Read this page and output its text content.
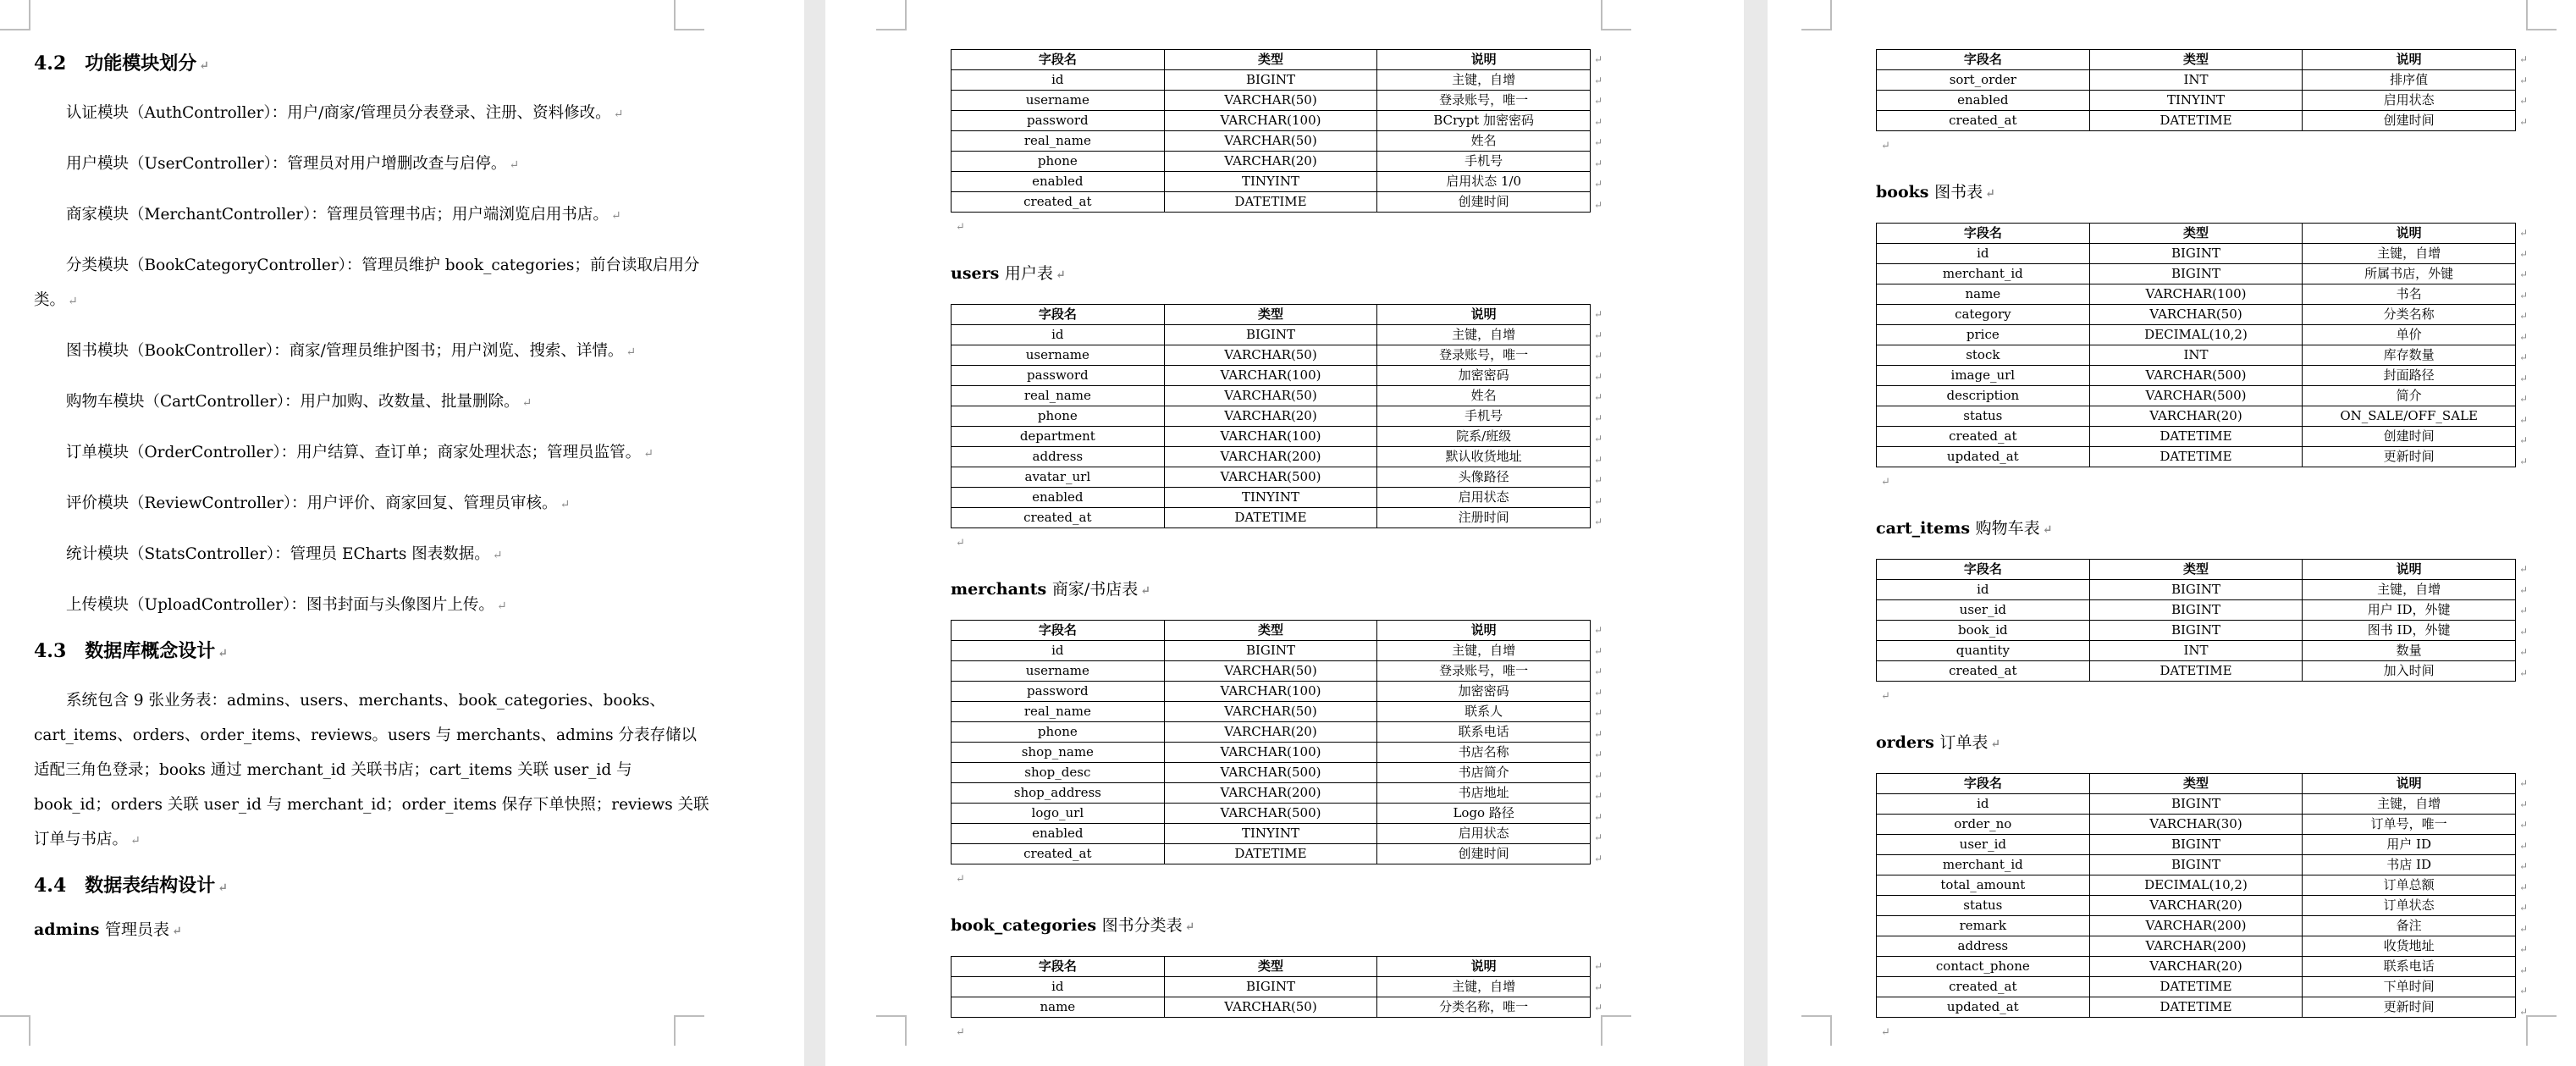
4.2　功能模块划分 ↵

认证模块（AuthController）：用户/商家/管理员分表登录、注册、资料修改。 ↵

用户模块（UserController）：管理员对用户增删改查与启停。 ↵

商家模块（MerchantController）：管理员管理书店；用户端浏览启用书店。 ↵

分类模块（BookCategoryController）：管理员维护 book_categories；前台读取启用分类。 ↵

图书模块（BookController）：商家/管理员维护图书；用户浏览、搜索、详情。 ↵

购物车模块（CartController）：用户加购、改数量、批量删除。 ↵

订单模块（OrderController）：用户结算、查订单；商家处理状态；管理员监管。 ↵

评价模块（ReviewController）：用户评价、商家回复、管理员审核。 ↵

统计模块（StatsController）：管理员 ECharts 图表数据。 ↵

上传模块（UploadController）：图书封面与头像图片上传。 ↵

4.3　数据库概念设计 ↵

系统包含 9 张业务表：admins、users、merchants、book_categories、books、cart_items、orders、order_items、reviews。users 与 merchants、admins 分表存储以适配三角色登录；books 通过 merchant_id 关联书店；cart_items 关联 user_id 与 book_id；orders 关联 user_id 与 merchant_id；order_items 保存下单快照；reviews 关联订单与书店。 ↵

4.4　数据表结构设计 ↵
admins 管理员表 ↵
字段名	类型	说明
id	BIGINT	主键，自增
username	VARCHAR(50)	登录账号，唯一
password	VARCHAR(100)	BCrypt 加密密码
real_name	VARCHAR(50)	姓名
phone	VARCHAR(20)	手机号
enabled	TINYINT	启用状态 1/0
created_at	DATETIME	创建时间
↵
↵
↵
↵
↵
↵
↵
↵
↵
users 用户表 ↵
字段名	类型	说明
id	BIGINT	主键，自增
username	VARCHAR(50)	登录账号，唯一
password	VARCHAR(100)	加密密码
real_name	VARCHAR(50)	姓名
phone	VARCHAR(20)	手机号
department	VARCHAR(100)	院系/班级
address	VARCHAR(200)	默认收货地址
avatar_url	VARCHAR(500)	头像路径
enabled	TINYINT	启用状态
created_at	DATETIME	注册时间
↵
↵
↵
↵
↵
↵
↵
↵
↵
↵
↵
↵
merchants 商家/书店表 ↵
字段名	类型	说明
id	BIGINT	主键，自增
username	VARCHAR(50)	登录账号，唯一
password	VARCHAR(100)	加密密码
real_name	VARCHAR(50)	联系人
phone	VARCHAR(20)	联系电话
shop_name	VARCHAR(100)	书店名称
shop_desc	VARCHAR(500)	书店简介
shop_address	VARCHAR(200)	书店地址
logo_url	VARCHAR(500)	Logo 路径
enabled	TINYINT	启用状态
created_at	DATETIME	创建时间
↵
↵
↵
↵
↵
↵
↵
↵
↵
↵
↵
↵
↵
book_categories 图书分类表 ↵
字段名	类型	说明
id	BIGINT	主键，自增
name	VARCHAR(50)	分类名称，唯一
↵
↵
↵
↵
字段名	类型	说明
sort_order	INT	排序值
enabled	TINYINT	启用状态
created_at	DATETIME	创建时间
↵
↵
↵
↵
↵
books 图书表 ↵
字段名	类型	说明
id	BIGINT	主键，自增
merchant_id	BIGINT	所属书店，外键
name	VARCHAR(100)	书名
category	VARCHAR(50)	分类名称
price	DECIMAL(10,2)	单价
stock	INT	库存数量
image_url	VARCHAR(500)	封面路径
description	VARCHAR(500)	简介
status	VARCHAR(20)	ON_SALE/OFF_SALE
created_at	DATETIME	创建时间
updated_at	DATETIME	更新时间
↵
↵
↵
↵
↵
↵
↵
↵
↵
↵
↵
↵
↵
cart_items 购物车表 ↵
字段名	类型	说明
id	BIGINT	主键，自增
user_id	BIGINT	用户 ID，外键
book_id	BIGINT	图书 ID，外键
quantity	INT	数量
created_at	DATETIME	加入时间
↵
↵
↵
↵
↵
↵
↵
orders 订单表 ↵
字段名	类型	说明
id	BIGINT	主键，自增
order_no	VARCHAR(30)	订单号，唯一
user_id	BIGINT	用户 ID
merchant_id	BIGINT	书店 ID
total_amount	DECIMAL(10,2)	订单总额
status	VARCHAR(20)	订单状态
remark	VARCHAR(200)	备注
address	VARCHAR(200)	收货地址
contact_phone	VARCHAR(20)	联系电话
created_at	DATETIME	下单时间
updated_at	DATETIME	更新时间
↵
↵
↵
↵
↵
↵
↵
↵
↵
↵
↵
↵
↵
